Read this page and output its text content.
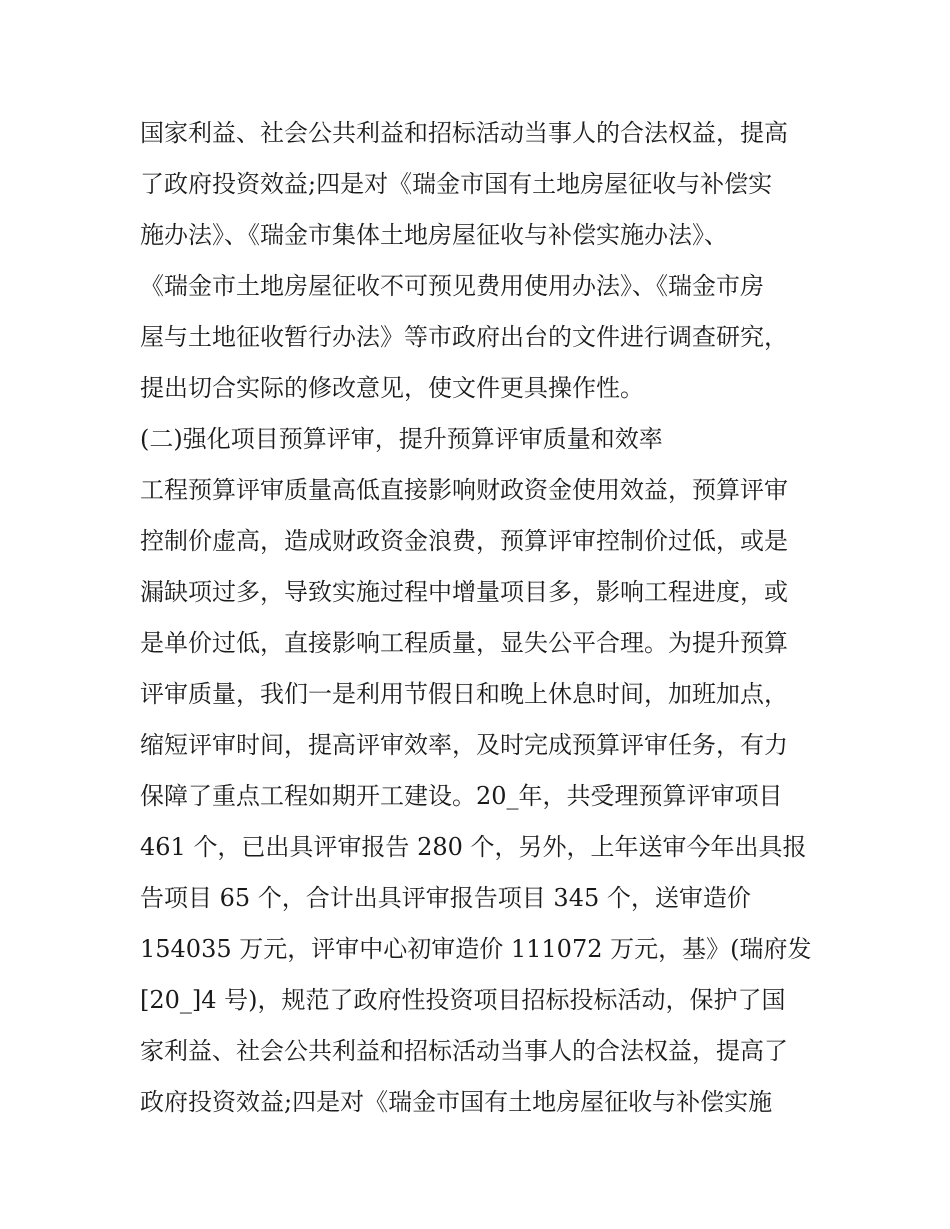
国家利益、社会公共利益和招标活动当事人的合法权益，提高
了政府投资效益;四是对《瑞金市国有土地房屋征收与补偿实
施办法》、《瑞金市集体土地房屋征收与补偿实施办法》、
《瑞金市土地房屋征收不可预见费用使用办法》、《瑞金市房
屋与土地征收暂行办法》等市政府出台的文件进行调查研究，
提出切合实际的修改意见，使文件更具操作性。
(二)强化项目预算评审，提升预算评审质量和效率
工程预算评审质量高低直接影响财政资金使用效益，预算评审
控制价虚高，造成财政资金浪费，预算评审控制价过低，或是
漏缺项过多，导致实施过程中增量项目多，影响工程进度，或
是单价过低，直接影响工程质量，显失公平合理。为提升预算
评审质量，我们一是利用节假日和晚上休息时间，加班加点，
缩短评审时间，提高评审效率，及时完成预算评审任务，有力
保障了重点工程如期开工建设。20_年，共受理预算评审项目
461 个，已出具评审报告 280 个，另外，上年送审今年出具报
告项目 65 个，合计出具评审报告项目 345 个，送审造价
154035 万元，评审中心初审造价 111072 万元，基》(瑞府发
[20_]4 号)，规范了政府性投资项目招标投标活动，保护了国
家利益、社会公共利益和招标活动当事人的合法权益，提高了
政府投资效益;四是对《瑞金市国有土地房屋征收与补偿实施
